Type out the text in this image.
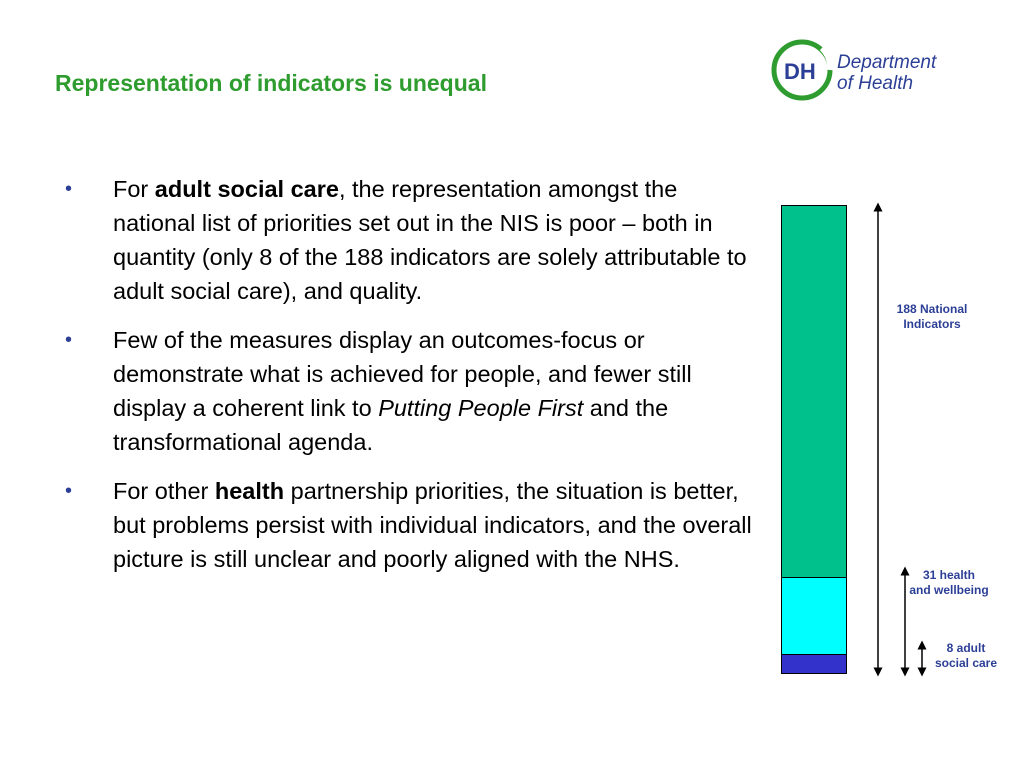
Representation of indicators is unequal	DH Department
of Health
• For adult social care, the representation amongst the national list of priorities set out in the NIS is poor – both in quantity (only 8 of the 188 indicators are solely attributable to adult social care), and quality.
• Few of the measures display an outcomes-focus or demonstrate what is achieved for people, and fewer still display a coherent link to Putting People First and the transformational agenda.
• For other health partnership priorities, the situation is better, but problems persist with individual indicators, and the overall picture is still unclear and poorly aligned with the NHS.
188 National
Indicators
31 health
and wellbeing
8 adult
social care
